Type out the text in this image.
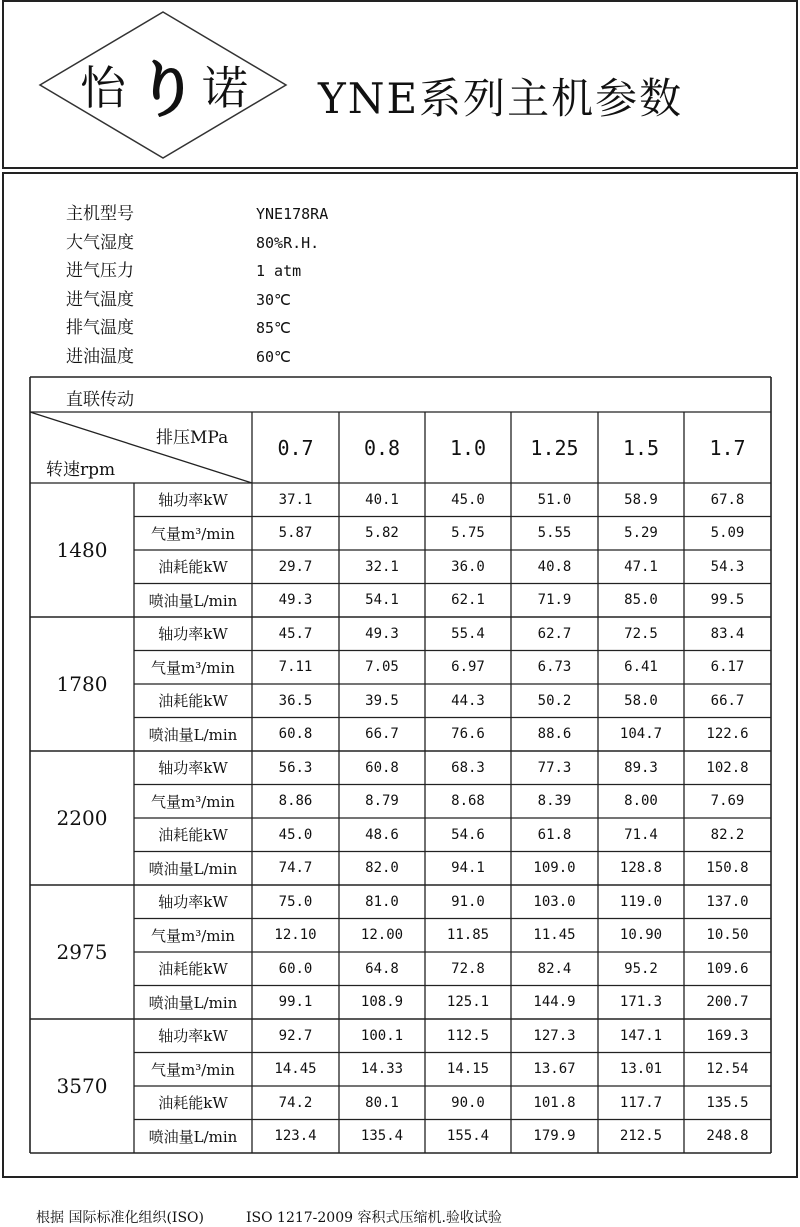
怡 り 诺 YNE系列主机参数
主机型号	YNE178RA
大气湿度	80%R.H.
进气压力	1 atm
进气温度	30℃
排气温度	85℃
进油温度	60℃
直联传动
排压MPa
转速rpm
0.7	0.8	1.0	1.25	1.5	1.7
1480
轴功率kW	37.1	40.1	45.0	51.0	58.9	67.8
气量m³/min	5.87	5.82	5.75	5.55	5.29	5.09
油耗能kW	29.7	32.1	36.0	40.8	47.1	54.3
喷油量L/min	49.3	54.1	62.1	71.9	85.0	99.5
1780
轴功率kW	45.7	49.3	55.4	62.7	72.5	83.4
气量m³/min	7.11	7.05	6.97	6.73	6.41	6.17
油耗能kW	36.5	39.5	44.3	50.2	58.0	66.7
喷油量L/min	60.8	66.7	76.6	88.6	104.7	122.6
2200
轴功率kW	56.3	60.8	68.3	77.3	89.3	102.8
气量m³/min	8.86	8.79	8.68	8.39	8.00	7.69
油耗能kW	45.0	48.6	54.6	61.8	71.4	82.2
喷油量L/min	74.7	82.0	94.1	109.0	128.8	150.8
2975
轴功率kW	75.0	81.0	91.0	103.0	119.0	137.0
气量m³/min	12.10	12.00	11.85	11.45	10.90	10.50
油耗能kW	60.0	64.8	72.8	82.4	95.2	109.6
喷油量L/min	99.1	108.9	125.1	144.9	171.3	200.7
3570
轴功率kW	92.7	100.1	112.5	127.3	147.1	169.3
气量m³/min	14.45	14.33	14.15	13.67	13.01	12.54
油耗能kW	74.2	80.1	90.0	101.8	117.7	135.5
喷油量L/min	123.4	135.4	155.4	179.9	212.5	248.8
根据 国际标准化组织(ISO)	ISO 1217-2009 容积式压缩机.验收试验
